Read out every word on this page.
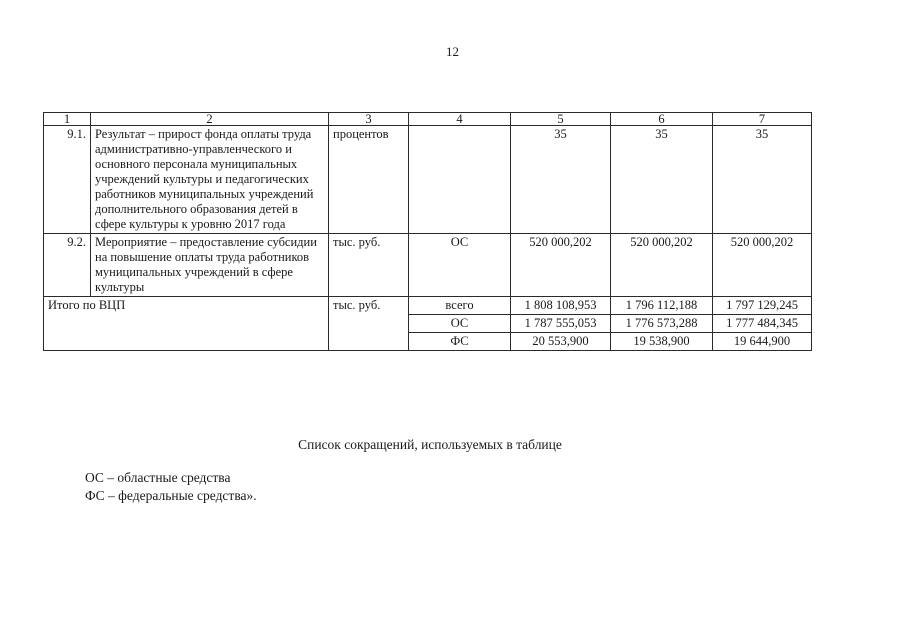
12
1	2	3	4	5	6	7
9.1.	Результат – прирост фонда оплаты труда административно-управленческого и основного персонала муниципальных учреждений культуры и педагогических работников муниципальных учреждений дополнительного образования детей в сфере культуры к уровню 2017 года	процентов		35	35	35
9.2.	Мероприятие – предоставление субсидии на повышение оплаты труда работников муниципальных учреждений в сфере культуры	тыс. руб.	ОС	520 000,202	520 000,202	520 000,202
Итого по ВЦП		тыс. руб.	всего	1 808 108,953	1 796 112,188	1 797 129,245
			ОС	1 787 555,053	1 776 573,288	1 777 484,345
			ФС	20 553,900	19 538,900	19 644,900
Список сокращений, используемых в таблице
ОС – областные средства
ФС – федеральные средства».
